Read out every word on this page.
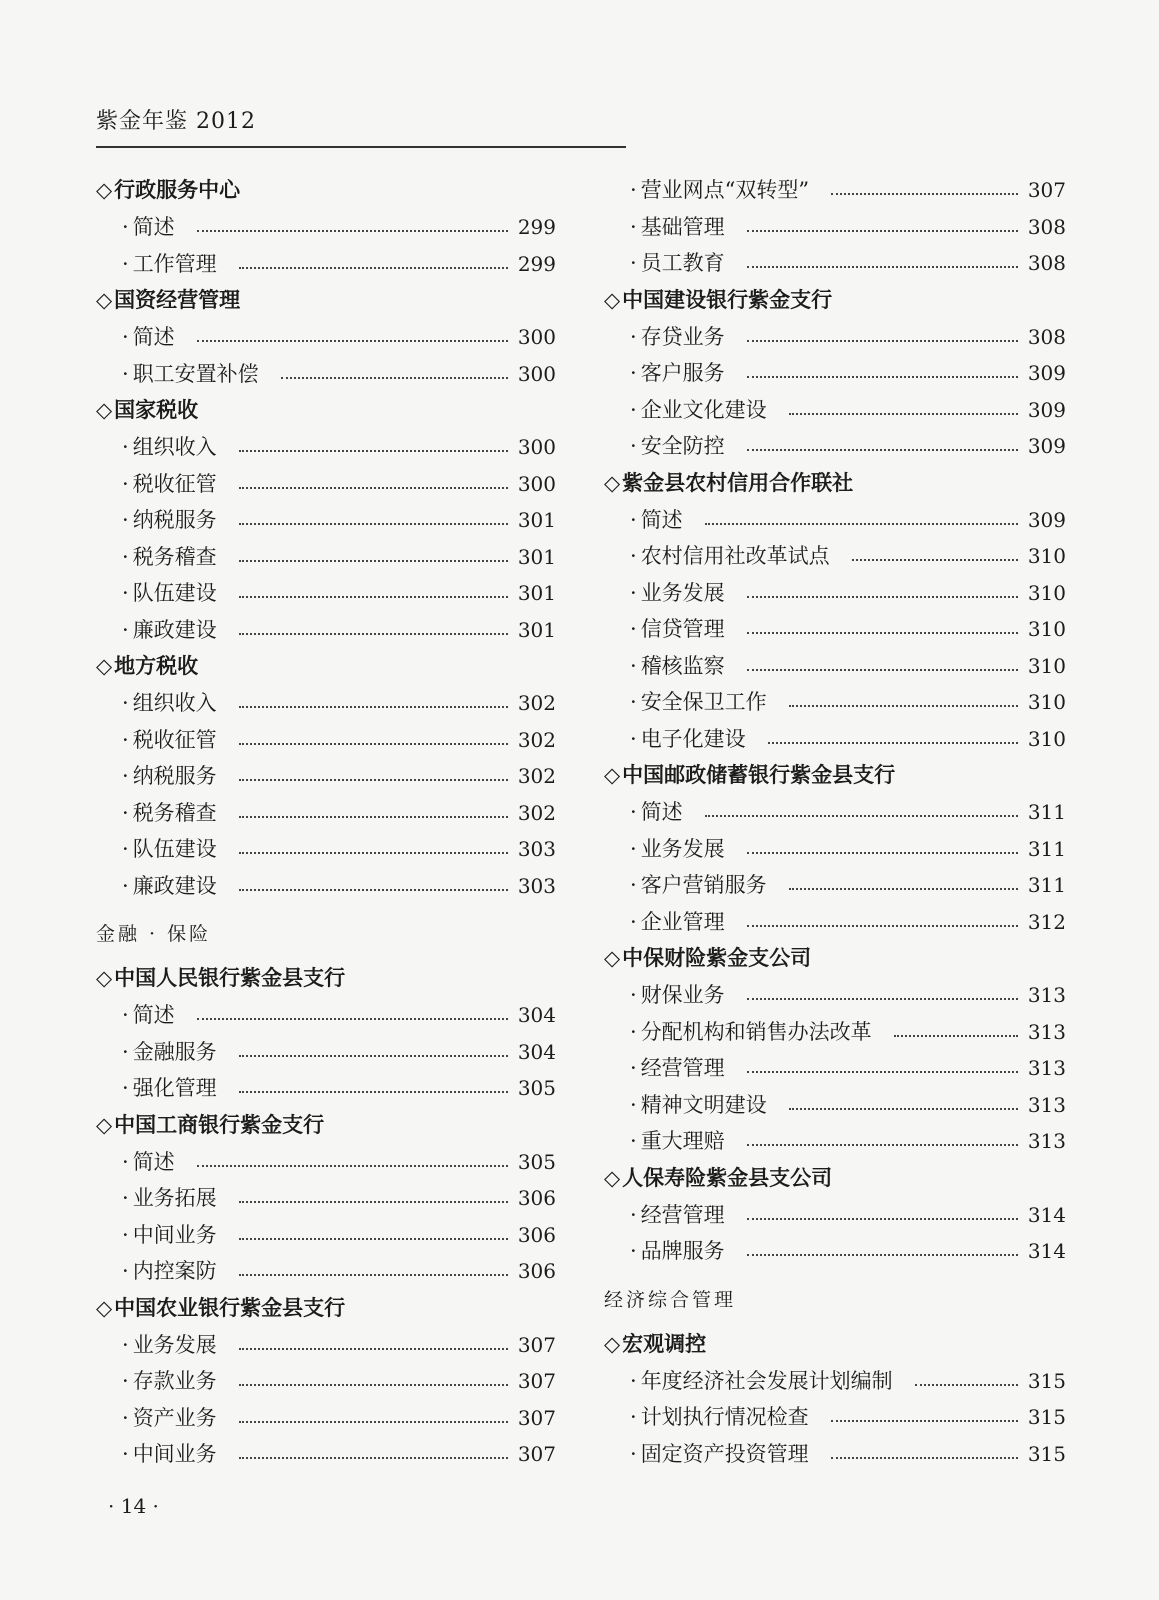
紫金年鉴 2012
◇行政服务中心
· 简述	299
· 工作管理	299
◇国资经营管理
· 简述	300
· 职工安置补偿	300
◇国家税收
· 组织收入	300
· 税收征管	300
· 纳税服务	301
· 税务稽查	301
· 队伍建设	301
· 廉政建设	301
◇地方税收
· 组织收入	302
· 税收征管	302
· 纳税服务	302
· 税务稽查	302
· 队伍建设	303
· 廉政建设	303
金融 · 保险
◇中国人民银行紫金县支行
· 简述	304
· 金融服务	304
· 强化管理	305
◇中国工商银行紫金支行
· 简述	305
· 业务拓展	306
· 中间业务	306
· 内控案防	306
◇中国农业银行紫金县支行
· 业务发展	307
· 存款业务	307
· 资产业务	307
· 中间业务	307
· 营业网点“双转型”	307
· 基础管理	308
· 员工教育	308
◇中国建设银行紫金支行
· 存贷业务	308
· 客户服务	309
· 企业文化建设	309
· 安全防控	309
◇紫金县农村信用合作联社
· 简述	309
· 农村信用社改革试点	310
· 业务发展	310
· 信贷管理	310
· 稽核监察	310
· 安全保卫工作	310
· 电子化建设	310
◇中国邮政储蓄银行紫金县支行
· 简述	311
· 业务发展	311
· 客户营销服务	311
· 企业管理	312
◇中保财险紫金支公司
· 财保业务	313
· 分配机构和销售办法改革	313
· 经营管理	313
· 精神文明建设	313
· 重大理赔	313
◇人保寿险紫金县支公司
· 经营管理	314
· 品牌服务	314
经济综合管理
◇宏观调控
· 年度经济社会发展计划编制	315
· 计划执行情况检查	315
· 固定资产投资管理	315
· 14 ·
